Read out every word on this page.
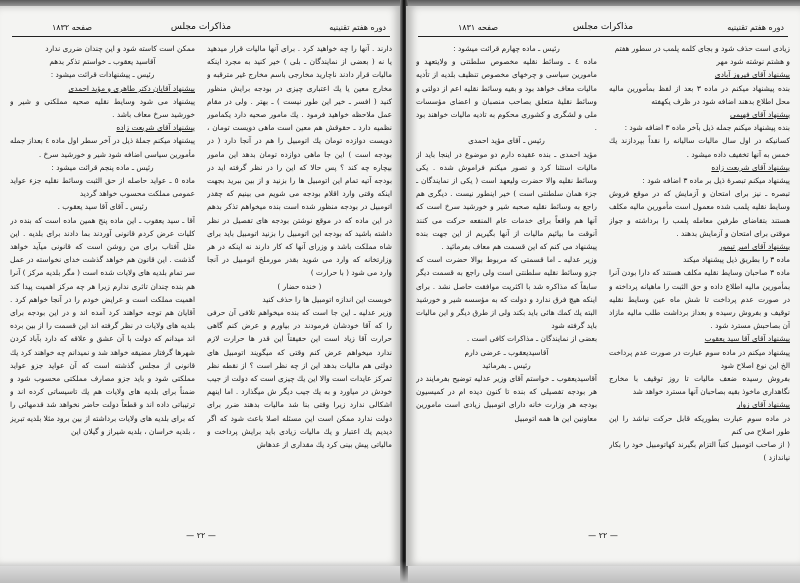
دوره هفتم تقنینیه
مذاکرات مجلس
صفحه ۱۸۳۲

دارند . آنها را چه خواهید کرد . برای آنها مالیات قرار میدهید یا نه ( بعضی از نمایندگان ـ بلی ) خیر کنید به مجرد اینکه مالیات قرار دادند ناچارید مخارجی باسم مخارج غیر مترقبه و مخارج معین یا یك اعتباری چیزی در بودجه برایش منظور کنید ( افسر ـ خیر این طور نیست ) ـ بهتر . ولی در مقام عمل ملاحظه خواهید فرمود . یك مامور صحیه دارد یکمامور نظمیه دارد ـ حقوقش هم معین است ماهی دویست تومان ، دویست دوازده تومان یك اتومبیل را هم در آنجا دارد ( در بودجه است ) این جا ماهی دوازده تومان بدهد این مامور بیچاره چه کند ؟ پس حالا که این را در نظر گرفته اید در بودجه آتیه تمام این اتومبیل ها را بزنید و از بین ببرید بجهت اینکه وقتی وارد اقلام بودجه می شویم می بینیم که چقدر اتومبیل در بودجه منظور شده است بنده میخواهم تذکر بدهم در این ماده که در موقع نوشتن بودجه های تفصیل در نظر داشته باشید که بودجه این اتومبیل را بزنید اتومبیل باید برای شاه مملکت باشد و وزرای آنها که کار دارند نه اینکه در هر وزارتخانه که وارد می شوید بقدر مورملخ اتومبیل در آنجا وارد می شود ( با حرارت )

( خنده حضار )

خوبست این اندازه اتومبیل ها را حذف کنید

وزیر عدلیه ـ این جا است که بنده میخواهم تلافی آن حرفی را که آقا خودشان فرمودند در بیاورم و عرض کنم گاهی حرارت آقا زیاد است این حقیقتاً این قدر ها حرارت لازم ندارد میخواهم عرض کنم وقتی که میگویند اتومبیل های دولتی هم مالیات بدهد این از چه نظر است ؟ از نقطه نظر تمرکز عایدات است والا این یك چیزی است که دولت از جیب خودش در میاورد و به یك جیب دیگر ش میگذارد . اما اینهم اشکالی ندارد زیرا وقتی بنا شد مالیات بدهند ضرر برای دولت ندارد ممکن است این مسئله اصلا باعث شود که اگر دیدیم یك اعتبار و یك مالیات زیادی باید برایش پرداخت و مالیاتی پیش بینی کرد یك مقداری از عدهاش

ممکن است کاسته شود و این چندان ضرری ندارد

آقاسید یعقوب ـ خواستم تذکر بدهم

رئیس ـ پیشنهادات قرائت میشود :

پیشنهاد آقایان دکتر طاهری و مؤید احمدی

پیشنهاد می شود وسایط نقلیه صحیه مملکتی و شیر و خورشید سرخ معاف باشد .

پیشنهاد آقای شریعت زاده

پیشنهاد میکنم جملهٔ ذیل در آخر سطر اول ماده ٤ بعداز جمله مأمورین سیاسی اضافه شود شیر و خورشید سرخ .

رئیس ـ ماده پنجم قرائت میشود :

ماده ٥ ـ عواید حاصله از حق الثبت وسائط نقلیه جزء عواید عمومی مملکت محسوب خواهد گردید

رئیس ـ آقای آقا سید یعقوب .

آقا ـ سید یعقوب ـ این ماده پنج همین ماده است که بنده در کلیات عرض کردم قانونی آوردند بما دادند برای بلدیه . این مثل آفتاب برای من روشن است که قانونی میآید خواهد گذشت . این قانون هم خواهد گذشت خدای نخواسته در عمل سر تمام بلدیه های ولایات شده است ( مگر بلدیه مرکز ) آنرا هم بنده چندان تاثری ندارم زیرا هر چه مرکز اهمیت پیدا کند اهمیت مملکت است و عرایض خودم را در آنجا خواهم کرد . آقایان هم توجه خواهند کرد آمده اند و در این بودجه برای بلدیه های ولایات در نظر گرفته اند این قسمت را از بین برده اند میدانم که دولت با آن عشق و علاقه که دارد بآباد کردن شهرها گرفتار مضیقه خواهد شد و نمیدانم چه خواهند کرد یك قانونی از مجلس گذشته است که آن عواید جزو عواید مملکتی شود و باید جزو مصارف مملکتی محسوب شود و ضمناً برای بلدیه های ولایات هم یك تاسیساتی کرده اند و ترتیباتی داده اند و قطعاً دولت حاضر نخواهد شد قدمهائی را که برای بلدیه های ولایات برداشته از بین برود مثلا بلدیه تبریز ، بلدیه خراسان ، بلدیه شیراز و گیلان این

— ۲۲ —
دوره هفتم تقنینیه
مذاکرات مجلس
صفحه ۱۸۳۱

زیادی است حذف شود و بجای کلمه پلمب در سطور هفتم

و هشتم نوشته شود مهر

پیشنهاد آقای فیروز آبادی

بنده پیشنهاد میکنم در ماده ۳ بعد از لفظ بمأمورین مالیه محل اطلاع بدهند اضافه شود در ظرف یکهفته

پیشنهاد آقای فهیمی

بنده پیشنهاد میکنم جمله ذیل بآخر ماده ۳ اضافه شود :

کسانیکه در اول سال مالیات سالیانه را نقداً بپردازند یك خمس به آنها تخفیف داده میشود .

پیشنهاد آقای شریعت زاده

پیشنهاد میکنم تبصرهٔ ذیل بر ماده ۳ اضافه شود :

تبصره ـ نیز برای امتحان و آزمایش که در موقع فروش وسایط نقلیه پلمب شده معمول است مأمورین مالیه مکلف هستند بتقاضای طرفین معامله پلمب را برداشته و جواز موقتی برای امتحان و آزمایش بدهند .

پیشنهاد آقای امیر تیمور

ماده ۳ را بطریق ذیل پیشنهاد میکند

ماده ۳ صاحبان وسایط نقلیه مکلف هستند که دارا بودن آنرا بمأمورین مالیه اطلاع داده و حق الثبت را ماهیانه پرداخته و در صورت عدم پرداخت تا شش ماه عین وسایط نقلیه توقیف و بفروش رسیده و بعداز برداشت طلب مالیه مازاد آن بصاحبش مسترد شود .

پیشنهاد آقای آقا سید یعقوب

پیشنهاد میکنم در ماده سوم عبارت در صورت عدم پرداخت الخ این نوع اصلاح شود

بفروش رسیده ضعف مالیات تا روز توقیف با مخارج نگاهداری ماخوذ بقیه بصاحبان آنها مسترد خواهد شد

پیشنهاد آقای زوار

در ماده سوم عبارت بطوریکه قابل حرکت نباشد را این طور اصلاح می کنم

( از صاحب اتومبیل کتباً التزام بگیرند کهاتومبیل خود را بکار نیاندازد )

رئیس ـ ماده چهارم قرائت میشود :

ماده ٤ ـ وسائط نقلیه مخصوص سلطنتی و ولایتعهد و مامورین سیاسی و چرخهای مخصوص تنظیف بلدیه از تأدیه مالیات معاف خواهد بود و بقیه وسائط نقلیه اعم از دولتی و وسائط نقلیهٔ متعلق بصاحب منصبان و اعضای مؤسسات ملی و لشگری و کشوری محکوم به تادیه مالیات خواهند بود .

رئیس ـ آقای مؤید احمدی

مؤید احمدی ـ بنده عقیده دارم دو موضوع در اینجا باید از مالیات استثنا کرد و تصور میکنم فراموش شده . یکی وسائط نقلیه والا حضرت ولیعهد است ( یکی از نمایندگان ـ جزء همان سلطنتی است ) خیر اینطور نیست . دیگری هم راجع به وسائط نقلیه صحبه شیر و خورشید سرخ است که آنها هم واقعاً برای خدمات عام المنفعه حرکت می کنند آنوقت ما بیائیم مالیات از آنها بگیریم از این جهت بنده پیشنهاد می کنم که این قسمت هم معاف بفرمائید .

وزیر عدلیه ـ اما قسمتی که مربوط بوالا حضرت است که جزو وسائط نقلیه سلطنتی است ولی راجع به قسمت دیگر سابقاً که مذاکره شد با اکثریت موافقت حاصل نشد . برای اینکه هیچ فرق ندارد و دولت که به مؤسسه شیر و خورشید البته یك کمك هائی باید بکند ولی از طرق دیگر و این مالیات باید گرفته شود

بعضی از نمایندگان ـ مذاکرات کافی است .

آقاسیدیعقوب ـ عرضی دارم

رئیس ـ بفرمائید

آقاسیدیعقوب ـ خواستم آقای وزیر عدلیه توضیح بفرمایند در هر بودجه تفصیلی که بنده تا کنون دیده ام در کمیسیون بودجه هر وزارت خانه دارای اتومبیل زیادی است مامورین معاونین این ها همه اتومبیل

— ۲۲ —
